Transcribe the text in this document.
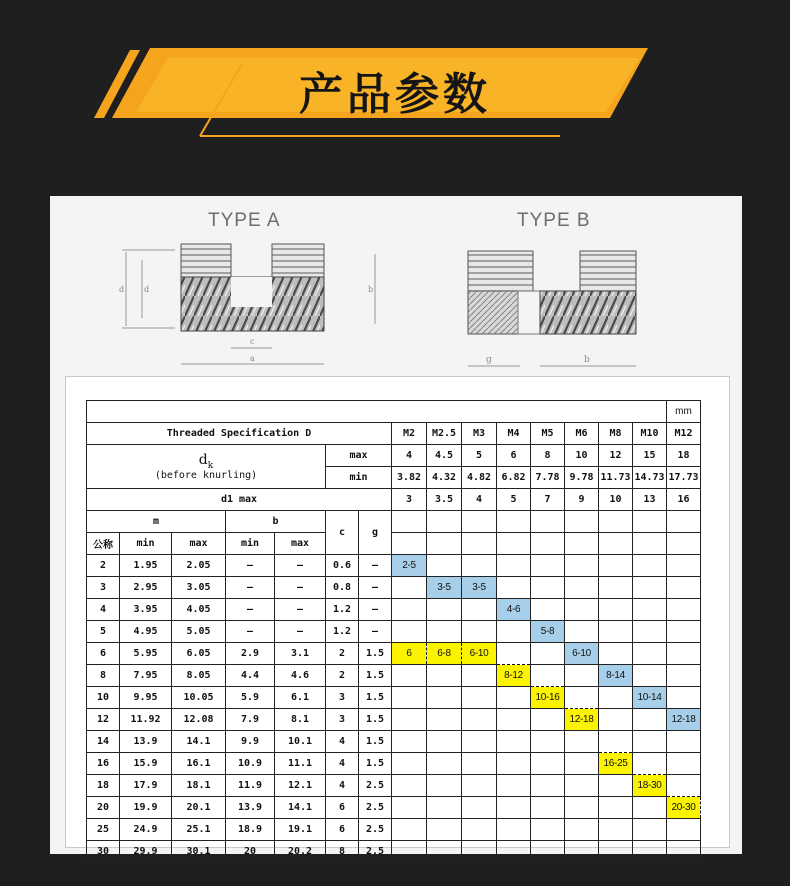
产品参数
d d	b
c
a	g	b
TYPE A	TYPE B
															mm
Threaded Specification D							M2	M2.5	M3	M4	M5	M6	M8	M10	M12

$d_k$
(before knurling)					max		4	4.5	5	6	8	10	12	15	18
					min		3.82	4.32	4.82	6.82	7.78	9.78	11.73	14.73	17.73
d1 max							3	3.5	4	5	7	9	10	13	16
m			b		c	g									
公称	min	max	min	max											
2	1.95	2.05	–	–	0.6	–	2-5								
3	2.95	3.05	–	–	0.8	–		3-5	3-5						
4	3.95	4.05	–	–	1.2	–				4-6					
5	4.95	5.05	–	–	1.2	–					5-8				
6	5.95	6.05	2.9	3.1	2	1.5	6	6-8	6-10			6-10			
8	7.95	8.05	4.4	4.6	2	1.5				8-12			8-14		
10	9.95	10.05	5.9	6.1	3	1.5					10-16			10-14	
12	11.92	12.08	7.9	8.1	3	1.5						12-18			12-18
14	13.9	14.1	9.9	10.1	4	1.5									
16	15.9	16.1	10.9	11.1	4	1.5							16-25		
18	17.9	18.1	11.9	12.1	4	2.5								18-30	
20	19.9	20.1	13.9	14.1	6	2.5									20-30
25	24.9	25.1	18.9	19.1	6	2.5									
30	29.9	30.1	20	20.2	8	2.5									
